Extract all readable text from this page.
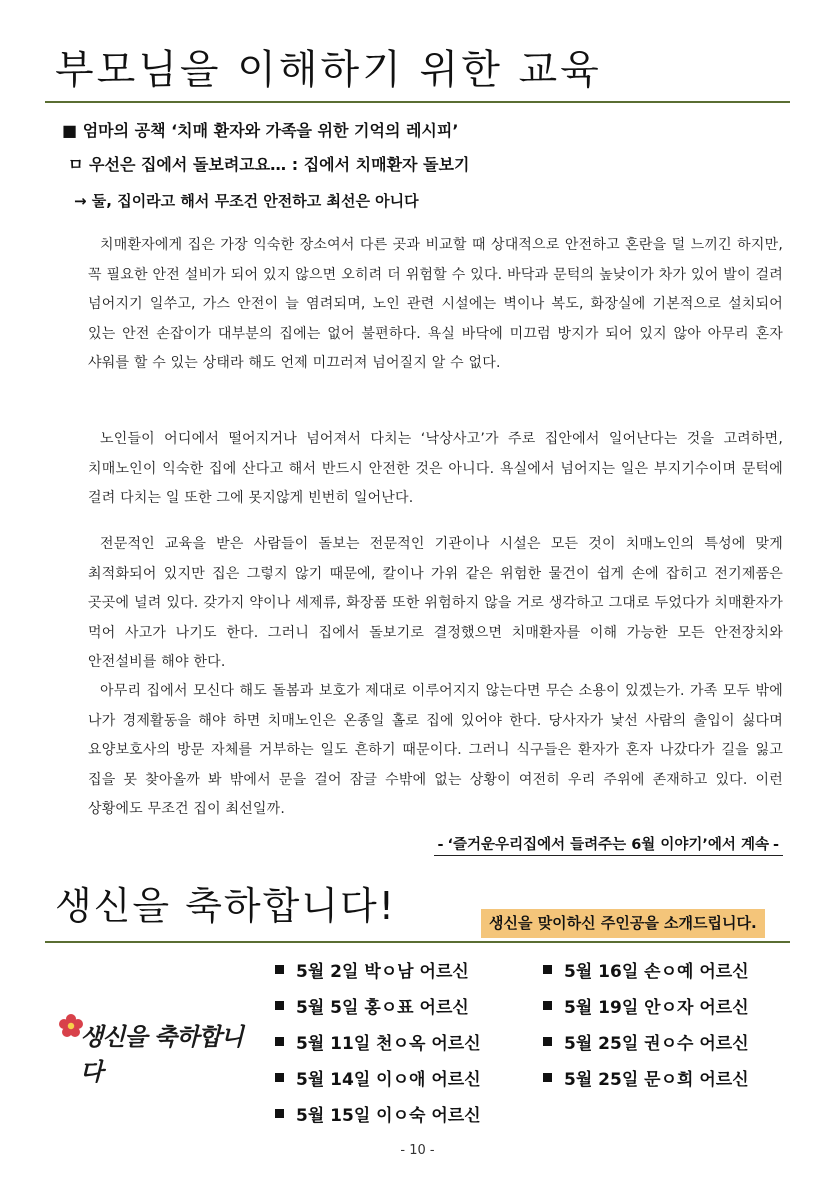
부모님을 이해하기 위한 교육
■ 엄마의 공책 ‘치매 환자와 가족을 위한 기억의 레시피’
ㅁ 우선은 집에서 돌보려고요… : 집에서 치매환자 돌보기
→ 둘, 집이라고 해서 무조건 안전하고 최선은 아니다

치매환자에게 집은 가장 익숙한 장소여서 다른 곳과 비교할 때 상대적으로 안전하고 혼란을 덜 느끼긴 하지만, 꼭 필요한 안전 설비가 되어 있지 않으면 오히려 더 위험할 수 있다. 바닥과 문턱의 높낮이가 차가 있어 발이 걸려 넘어지기 일쑤고, 가스 안전이 늘 염려되며, 노인 관련 시설에는 벽이나 복도, 화장실에 기본적으로 설치되어 있는 안전 손잡이가 대부분의 집에는 없어 불편하다. 욕실 바닥에 미끄럼 방지가 되어 있지 않아 아무리 혼자 샤워를 할 수 있는 상태라 해도 언제 미끄러져 넘어질지 알 수 없다.

노인들이 어디에서 떨어지거나 넘어져서 다치는 ‘낙상사고’가 주로 집안에서 일어난다는 것을 고려하면, 치매노인이 익숙한 집에 산다고 해서 반드시 안전한 것은 아니다. 욕실에서 넘어지는 일은 부지기수이며 문턱에 걸려 다치는 일 또한 그에 못지않게 빈번히 일어난다.

전문적인 교육을 받은 사람들이 돌보는 전문적인 기관이나 시설은 모든 것이 치매노인의 특성에 맞게 최적화되어 있지만 집은 그렇지 않기 때문에, 칼이나 가위 같은 위험한 물건이 쉽게 손에 잡히고 전기제품은 곳곳에 널려 있다. 갖가지 약이나 세제류, 화장품 또한 위험하지 않을 거로 생각하고 그대로 두었다가 치매환자가 먹어 사고가 나기도 한다. 그러니 집에서 돌보기로 결정했으면 치매환자를 이해 가능한 모든 안전장치와 안전설비를 해야 한다.

아무리 집에서 모신다 해도 돌봄과 보호가 제대로 이루어지지 않는다면 무슨 소용이 있겠는가. 가족 모두 밖에 나가 경제활동을 해야 하면 치매노인은 온종일 홀로 집에 있어야 한다. 당사자가 낯선 사람의 출입이 싫다며 요양보호사의 방문 자체를 거부하는 일도 흔하기 때문이다. 그러니 식구들은 환자가 혼자 나갔다가 길을 잃고 집을 못 찾아올까 봐 밖에서 문을 걸어 잠글 수밖에 없는 상황이 여전히 우리 주위에 존재하고 있다. 이런 상황에도 무조건 집이 최선일까.

- ‘즐거운우리집에서 들려주는 6월 이야기’에서 계속 -
생신을 축하합니다!	생신을 맞이하신 주인공을 소개드립니다.
생신을 축하합니다
5월 2일 박ㅇ남 어르신
5월 5일 홍ㅇ표 어르신
5월 11일 천ㅇ옥 어르신
5월 14일 이ㅇ애 어르신
5월 15일 이ㅇ숙 어르신
5월 16일 손ㅇ예 어르신
5월 19일 안ㅇ자 어르신
5월 25일 권ㅇ수 어르신
5월 25일 문ㅇ희 어르신
- 10 -
